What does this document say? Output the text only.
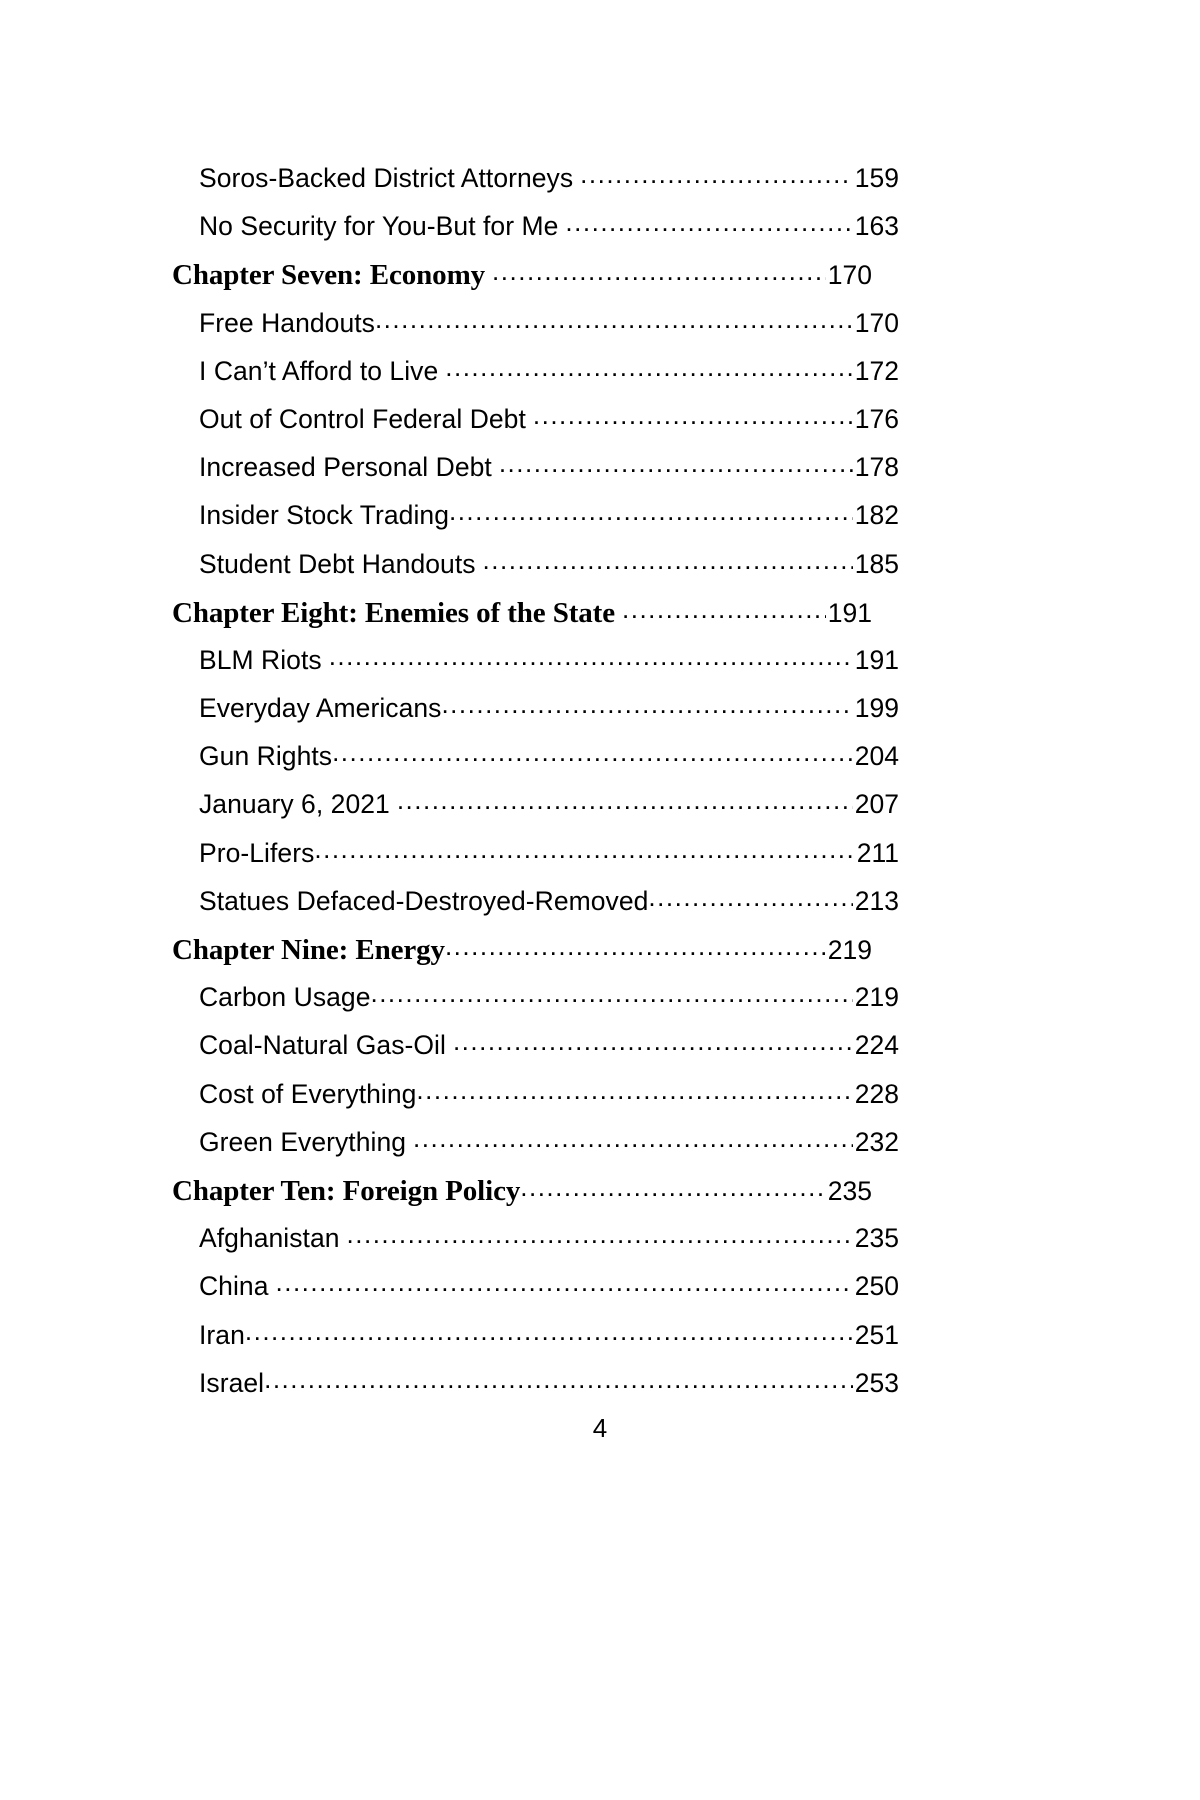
Soros-Backed District Attorneys .....	159
No Security for You-But for Me .....	163
Chapter Seven: Economy .....	170
Free Handouts .....	170
I Can’t Afford to Live .....	172
Out of Control Federal Debt .....	176
Increased Personal Debt .....	178
Insider Stock Trading .....	182
Student Debt Handouts .....	185
Chapter Eight: Enemies of the State .....	191
BLM Riots .....	191
Everyday Americans .....	199
Gun Rights .....	204
January 6, 2021 .....	207
Pro-Lifers .....	211
Statues Defaced-Destroyed-Removed .....	213
Chapter Nine: Energy .....	219
Carbon Usage .....	219
Coal-Natural Gas-Oil .....	224
Cost of Everything .....	228
Green Everything .....	232
Chapter Ten: Foreign Policy .....	235
Afghanistan .....	235
China .....	250
Iran .....	251
Israel .....	253
4
